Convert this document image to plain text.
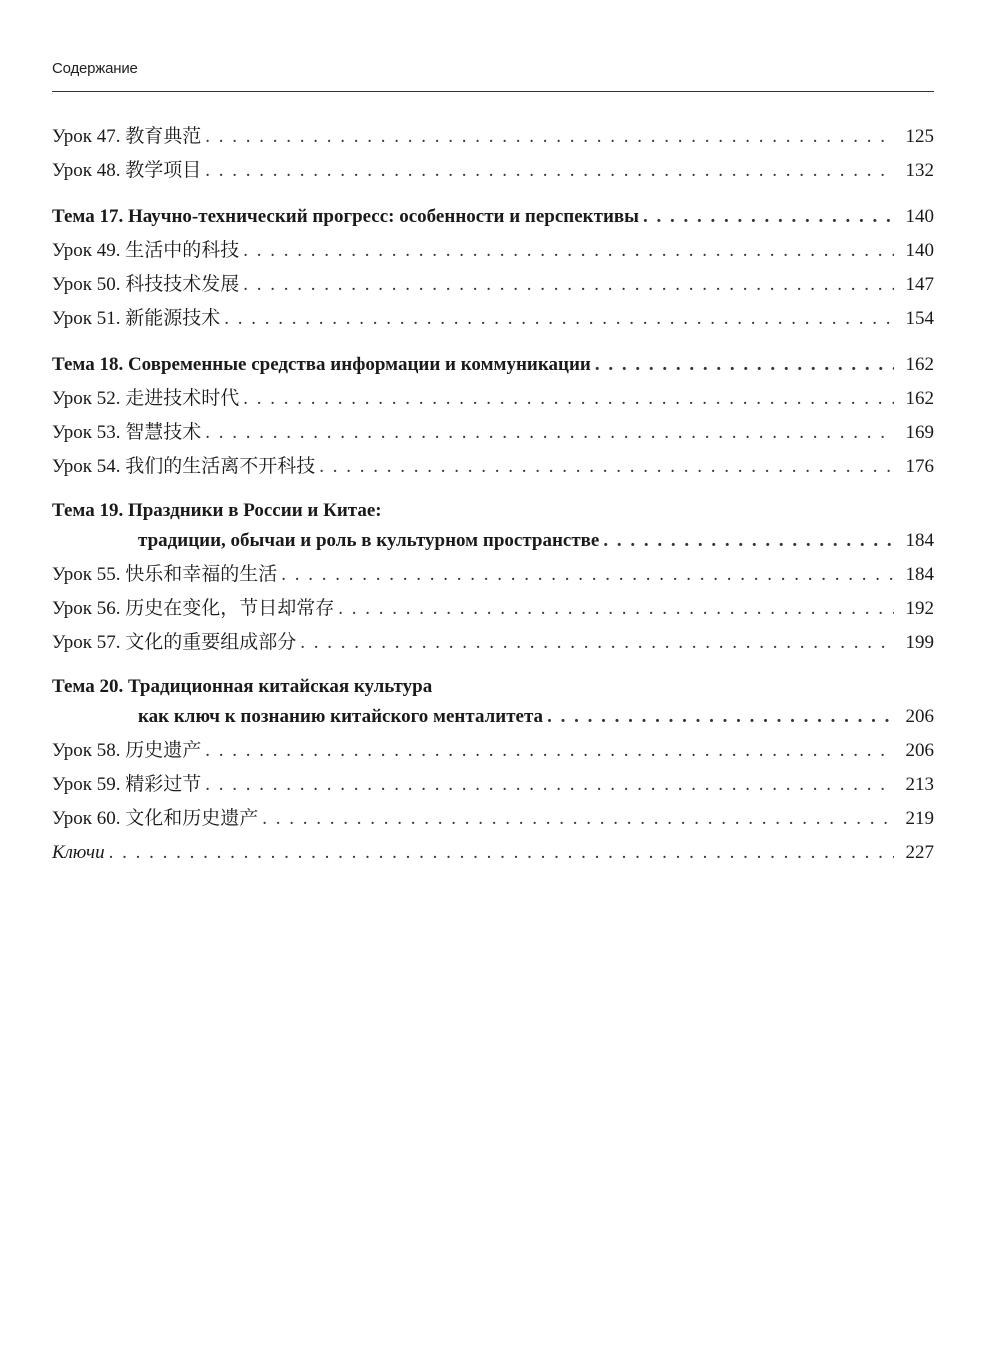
Содержание
Урок 47. 教育典范 . . .	125
Урок 48. 教学项目 . . .	132
Тема 17. Научно-технический прогресс: особенности и перспективы . . .	140
Урок 49. 生活中的科技 . . .	140
Урок 50. 科技技术发展 . . .	147
Урок 51. 新能源技术 . . .	154
Тема 18. Современные средства информации и коммуникации . . .	162
Урок 52. 走进技术时代 . . .	162
Урок 53. 智慧技术 . . .	169
Урок 54. 我们的生活离不开科技 . . .	176
Тема 19. Праздники в России и Китае:
традиции, обычаи и роль в культурном пространстве . . .	184
Урок 55. 快乐和幸福的生活 . . .	184
Урок 56. 历史在变化，节日却常存 . . .	192
Урок 57. 文化的重要组成部分 . . .	199
Тема 20. Традиционная китайская культура
как ключ к познанию китайского менталитета . . .	206
Урок 58. 历史遗产 . . .	206
Урок 59. 精彩过节 . . .	213
Урок 60. 文化和历史遗产 . . .	219
Ключи . . .	227
